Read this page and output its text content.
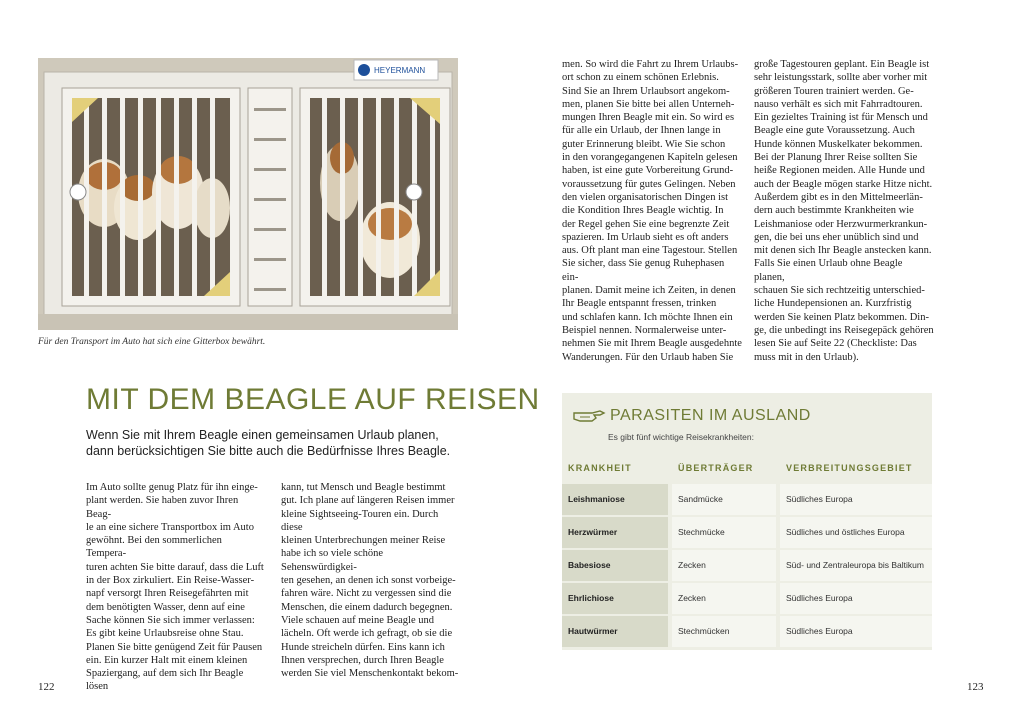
HEYERMANN
Für den Transport im Auto hat sich eine Gitterbox bewährt.
MIT DEM BEAGLE AUF REISEN
Wenn Sie mit Ihrem Beagle einen gemeinsamen Urlaub planen, dann berücksichtigen Sie bitte auch die Bedürfnisse Ihres Beagle.
Im Auto sollte genug Platz für ihn einge-
plant werden. Sie haben zuvor Ihren Beag-
le an eine sichere Transportbox im Auto
gewöhnt. Bei den sommerlichen Tempera-
turen achten Sie bitte darauf, dass die Luft
in der Box zirkuliert. Ein Reise-Wasser-
napf versorgt Ihren Reisegefährten mit
dem benötigten Wasser, denn auf eine
Sache können Sie sich immer verlassen:
Es gibt keine Urlaubsreise ohne Stau.
Planen Sie bitte genügend Zeit für Pausen
ein. Ein kurzer Halt mit einem kleinen
Spaziergang, auf dem sich Ihr Beagle lösen
kann, tut Mensch und Beagle bestimmt
gut. Ich plane auf längeren Reisen immer
kleine Sightseeing-Touren ein. Durch diese
kleinen Unterbrechungen meiner Reise
habe ich so viele schöne Sehenswürdigkei-
ten gesehen, an denen ich sonst vorbeige-
fahren wäre. Nicht zu vergessen sind die
Menschen, die einem dadurch begegnen.
Viele schauen auf meine Beagle und
lächeln. Oft werde ich gefragt, ob sie die
Hunde streicheln dürfen. Eins kann ich
Ihnen versprechen, durch Ihren Beagle
werden Sie viel Menschenkontakt bekom-
122
men. So wird die Fahrt zu Ihrem Urlaubs-
ort schon zu einem schönen Erlebnis.
Sind Sie an Ihrem Urlaubsort angekom-
men, planen Sie bitte bei allen Unterneh-
mungen Ihren Beagle mit ein. So wird es
für alle ein Urlaub, der Ihnen lange in
guter Erinnerung bleibt. Wie Sie schon
in den vorangegangenen Kapiteln gelesen
haben, ist eine gute Vorbereitung Grund-
voraussetzung für gutes Gelingen. Neben
den vielen organisatorischen Dingen ist
die Kondition Ihres Beagle wichtig. In
der Regel gehen Sie eine begrenzte Zeit
spazieren. Im Urlaub sieht es oft anders
aus. Oft plant man eine Tagestour. Stellen
Sie sicher, dass Sie genug Ruhephasen ein-
planen. Damit meine ich Zeiten, in denen
Ihr Beagle entspannt fressen, trinken
und schlafen kann. Ich möchte Ihnen ein
Beispiel nennen. Normalerweise unter-
nehmen Sie mit Ihrem Beagle ausgedehnte
Wanderungen. Für den Urlaub haben Sie
große Tagestouren geplant. Ein Beagle ist
sehr leistungsstark, sollte aber vorher mit
größeren Touren trainiert werden. Ge-
nauso verhält es sich mit Fahrradtouren.
Ein gezieltes Training ist für Mensch und
Beagle eine gute Voraussetzung. Auch
Hunde können Muskelkater bekommen.
Bei der Planung Ihrer Reise sollten Sie
heiße Regionen meiden. Alle Hunde und
auch der Beagle mögen starke Hitze nicht.
Außerdem gibt es in den Mittelmeerlän-
dern auch bestimmte Krankheiten wie
Leishmaniose oder Herzwurmerkrankun-
gen, die bei uns eher unüblich sind und
mit denen sich Ihr Beagle anstecken kann.
Falls Sie einen Urlaub ohne Beagle planen,
schauen Sie sich rechtzeitig unterschied-
liche Hundepensionen an. Kurzfristig
werden Sie keinen Platz bekommen. Din-
ge, die unbedingt ins Reisegepäck gehören
lesen Sie auf Seite 22 (Checkliste: Das
muss mit in den Urlaub).
PARASITEN IM AUSLAND
Es gibt fünf wichtige Reisekrankheiten:
KRANKHEIT	ÜBERTRÄGER	VERBREITUNGSGEBIET
Leishmaniose	Sandmücke	Südliches Europa
Herzwürmer	Stechmücke	Südliches und östliches Europa
Babesiose	Zecken	Süd- und Zentraleuropa bis Baltikum
Ehrlichiose	Zecken	Südliches Europa
Hautwürmer	Stechmücken	Südliches Europa
123
